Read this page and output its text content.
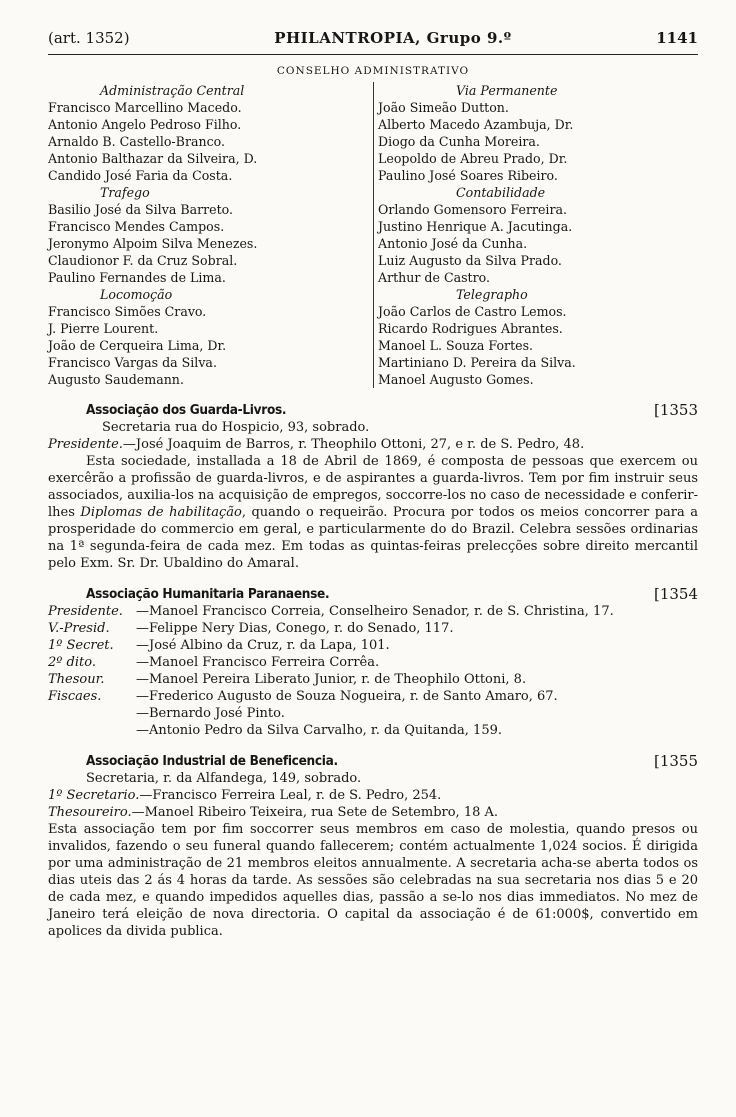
(art. 1352)	PHILANTROPIA, Grupo 9.º	1141
CONSELHO ADMINISTRATIVO

Administração Central

Francisco Marcellino Macedo.

Antonio Angelo Pedroso Filho.

Arnaldo B. Castello-Branco.

Antonio Balthazar da Silveira, D.

Candido José Faria da Costa.

Trafego

Basilio José da Silva Barreto.

Francisco Mendes Campos.

Jeronymo Alpoim Silva Menezes.

Claudionor F. da Cruz Sobral.

Paulino Fernandes de Lima.

Locomoção

Francisco Simões Cravo.

J. Pierre Lourent.

João de Cerqueira Lima, Dr.

Francisco Vargas da Silva.

Augusto Saudemann.

Via Permanente

João Simeão Dutton.

Alberto Macedo Azambuja, Dr.

Diogo da Cunha Moreira.

Leopoldo de Abreu Prado, Dr.

Paulino José Soares Ribeiro.

Contabilidade

Orlando Gomensoro Ferreira.

Justino Henrique A. Jacutinga.

Antonio José da Cunha.

Luiz Augusto da Silva Prado.

Arthur de Castro.

Telegrapho

João Carlos de Castro Lemos.

Ricardo Rodrigues Abrantes.

Manoel L. Souza Fortes.

Martiniano D. Pereira da Silva.

Manoel Augusto Gomes.

Associação dos Guarda-Livros.	[1353

Secretaria rua do Hospicio, 93, sobrado.

Presidente.—José Joaquim de Barros, r. Theophilo Ottoni, 27, e r. de S. Pedro, 48.

Esta sociedade, installada a 18 de Abril de 1869, é composta de pessoas que exercem ou exercêrão a profissão de guarda-livros, e de aspirantes a guarda-livros. Tem por fim instruir seus associados, auxilia-los na acquisição de empregos, soccorre-los no caso de necessidade e conferir-lhes Diplomas de habilitação, quando o requeirão. Procura por todos os meios concorrer para a prosperidade do commercio em geral, e particularmente do do Brazil. Celebra sessões ordinarias na 1ª segunda-feira de cada mez. Em todas as quintas-feiras prelecções sobre direito mercantil pelo Exm. Sr. Dr. Ubaldino do Amaral.

Associação Humanitaria Paranaense.	[1354
Presidente.	—Manoel Francisco Correia, Conselheiro Senador, r. de S. Christina, 17.
V.-Presid.	—Felippe Nery Dias, Conego, r. do Senado, 117.
1º Secret.	—José Albino da Cruz, r. da Lapa, 101.
2º dito.	—Manoel Francisco Ferreira Corrêa.
Thesour.	—Manoel Pereira Liberato Junior, r. de Theophilo Ottoni, 8.
Fiscaes.	—Frederico Augusto de Souza Nogueira, r. de Santo Amaro, 67.
—Bernardo José Pinto.
—Antonio Pedro da Silva Carvalho, r. da Quitanda, 159.
Associação Industrial de Beneficencia.	[1355

Secretaria, r. da Alfandega, 149, sobrado.

1º Secretario.—Francisco Ferreira Leal, r. de S. Pedro, 254.

Thesoureiro.—Manoel Ribeiro Teixeira, rua Sete de Setembro, 18 A.

Esta associação tem por fim soccorrer seus membros em caso de molestia, quando presos ou invalidos, fazendo o seu funeral quando fallecerem; contém actualmente 1,024 socios. É dirigida por uma administração de 21 membros eleitos annualmente. A secretaria acha-se aberta todos os dias uteis das 2 ás 4 horas da tarde. As sessões são celebradas na sua secretaria nos dias 5 e 20 de cada mez, e quando impedidos aquelles dias, passão a se-lo nos dias immediatos. No mez de Janeiro terá eleição de nova directoria. O capital da associação é de 61:000$, convertido em apolices da divida publica.
